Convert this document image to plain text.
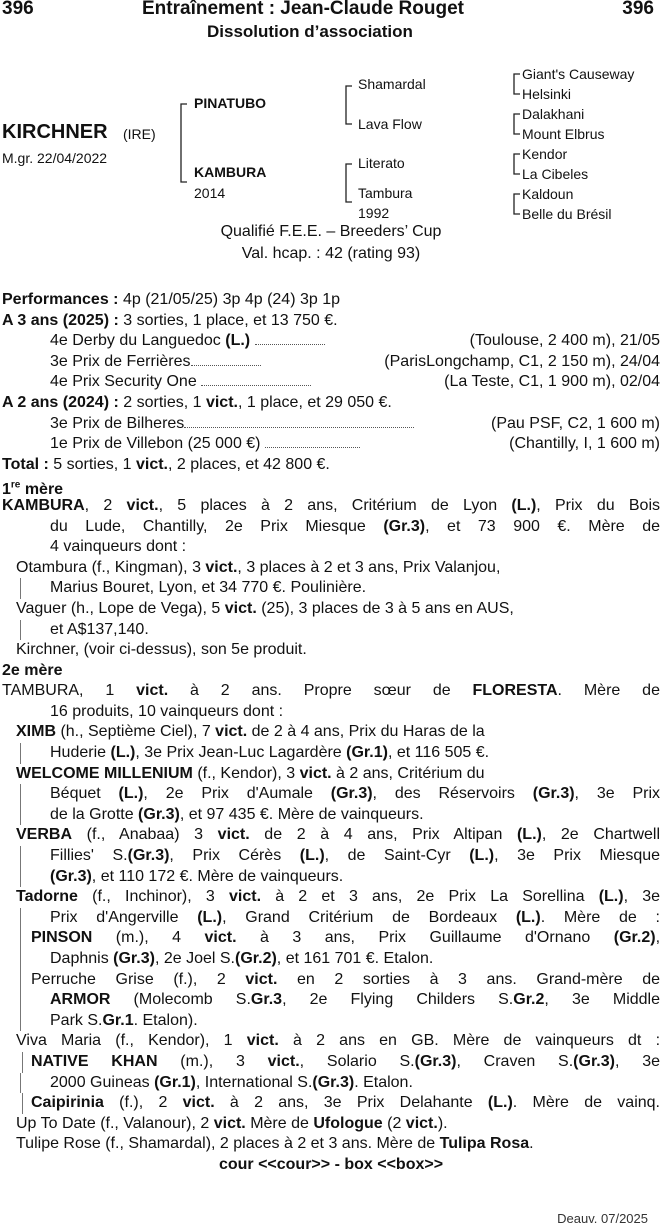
396	Entraînement : Jean-Claude Rouget	396
Dissolution d’association
KIRCHNER (IRE)
M.gr. 22/04/2022
PINATUBO
KAMBURA
2014
Shamardal
Lava Flow
Literato
Tambura
1992
Giant's Causeway
Helsinki
Dalakhani
Mount Elbrus
Kendor
La Cibeles
Kaldoun
Belle du Brésil
Qualifié F.E.E. – Breeders’ Cup
Val. hcap. : 42 (rating 93)
Performances : 4p (21/05/25) 3p 4p (24) 3p 1p
A 3 ans (2025) : 3 sorties, 1 place, et 13 750 €.
4e Derby du Languedoc (L.)	(Toulouse, 2 400 m), 21/05
3e Prix de Ferrières	(ParisLongchamp, C1, 2 150 m), 24/04
4e Prix Security One	(La Teste, C1, 1 900 m), 02/04
A 2 ans (2024) : 2 sorties, 1 vict., 1 place, et 29 050 €.
3e Prix de Bilheres	(Pau PSF, C2, 1 600 m)
1e Prix de Villebon (25 000 €)	(Chantilly, I, 1 600 m)
Total : 5 sorties, 1 vict., 2 places, et 42 800 €.
1re mère
KAMBURA, 2 vict., 5 places à 2 ans, Critérium de Lyon (L.), Prix du Bois
du Lude, Chantilly, 2e Prix Miesque (Gr.3), et 73 900 €. Mère de
4 vainqueurs dont :
Otambura (f., Kingman), 3 vict., 3 places à 2 et 3 ans, Prix Valanjou,
Marius Bouret, Lyon, et 34 770 €. Poulinière.
Vaguer (h., Lope de Vega), 5 vict. (25), 3 places de 3 à 5 ans en AUS,
et A$137,140.
Kirchner, (voir ci-dessus), son 5e produit.
2e mère
TAMBURA, 1 vict. à 2 ans. Propre sœur de FLORESTA. Mère de
16 produits, 10 vainqueurs dont :
XIMB (h., Septième Ciel), 7 vict. de 2 à 4 ans, Prix du Haras de la
Huderie (L.), 3e Prix Jean-Luc Lagardère (Gr.1), et 116 505 €.
WELCOME MILLENIUM (f., Kendor), 3 vict. à 2 ans, Critérium du
Béquet (L.), 2e Prix d'Aumale (Gr.3), des Réservoirs (Gr.3), 3e Prix
de la Grotte (Gr.3), et 97 435 €. Mère de vainqueurs.
VERBA (f., Anabaa) 3 vict. de 2 à 4 ans, Prix Altipan (L.), 2e Chartwell
Fillies' S.(Gr.3), Prix Cérès (L.), de Saint-Cyr (L.), 3e Prix Miesque
(Gr.3), et 110 172 €. Mère de vainqueurs.
Tadorne (f., Inchinor), 3 vict. à 2 et 3 ans, 2e Prix La Sorellina (L.), 3e
Prix d'Angerville (L.), Grand Critérium de Bordeaux (L.). Mère de :
PINSON (m.), 4 vict. à 3 ans, Prix Guillaume d'Ornano (Gr.2),
Daphnis (Gr.3), 2e Joel S.(Gr.2), et 161 701 €. Etalon.
Perruche Grise (f.), 2 vict. en 2 sorties à 3 ans. Grand-mère de
ARMOR (Molecomb S.Gr.3, 2e Flying Childers S.Gr.2, 3e Middle
Park S.Gr.1. Etalon).
Viva Maria (f., Kendor), 1 vict. à 2 ans en GB. Mère de vainqueurs dt :
NATIVE KHAN (m.), 3 vict., Solario S.(Gr.3), Craven S.(Gr.3), 3e
2000 Guineas (Gr.1), International S.(Gr.3). Etalon.
Caipirinia (f.), 2 vict. à 2 ans, 3e Prix Delahante (L.). Mère de vainq.
Up To Date (f., Valanour), 2 vict. Mère de Ufologue (2 vict.).
Tulipe Rose (f., Shamardal), 2 places à 2 et 3 ans. Mère de Tulipa Rosa.
cour <<cour>> - box <<box>>
Deauv. 07/2025
